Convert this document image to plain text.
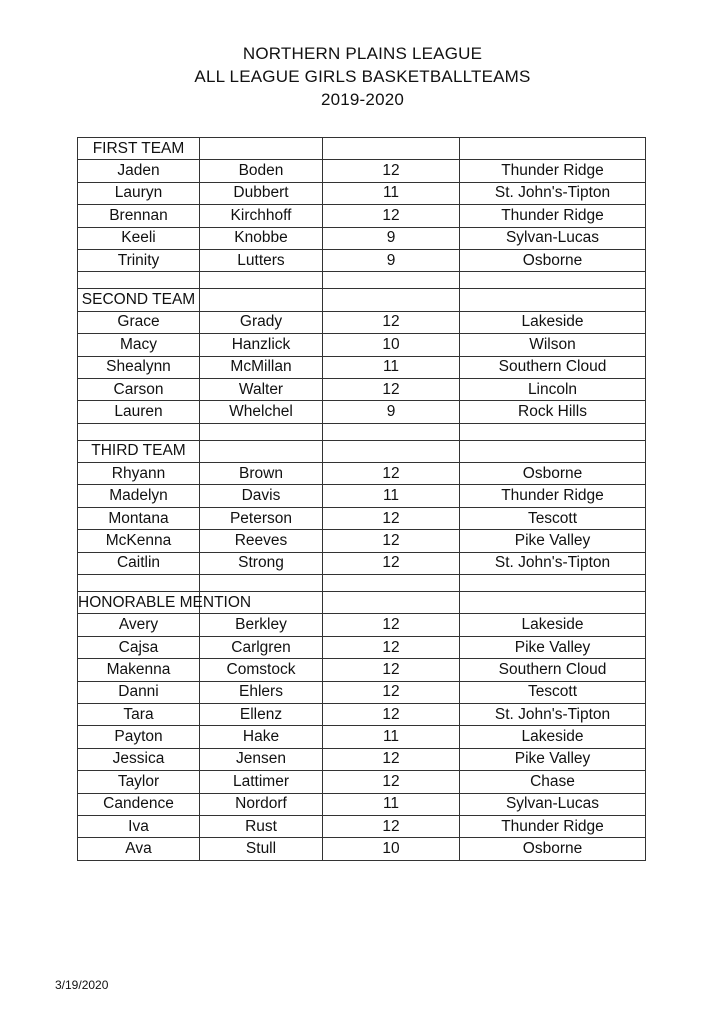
NORTHERN PLAINS LEAGUE
ALL LEAGUE GIRLS BASKETBALLTEAMS
2019-2020
FIRST TEAM			
Jaden	Boden	12	Thunder Ridge
Lauryn	Dubbert	11	St. John's-Tipton
Brennan	Kirchhoff	12	Thunder Ridge
Keeli	Knobbe	9	Sylvan-Lucas
Trinity	Lutters	9	Osborne

SECOND TEAM			
Grace	Grady	12	Lakeside
Macy	Hanzlick	10	Wilson
Shealynn	McMillan	11	Southern Cloud
Carson	Walter	12	Lincoln
Lauren	Whelchel	9	Rock Hills

THIRD TEAM			
Rhyann	Brown	12	Osborne
Madelyn	Davis	11	Thunder Ridge
Montana	Peterson	12	Tescott
McKenna	Reeves	12	Pike Valley
Caitlin	Strong	12	St. John's-Tipton

HONORABLE MENTION			
Avery	Berkley	12	Lakeside
Cajsa	Carlgren	12	Pike Valley
Makenna	Comstock	12	Southern Cloud
Danni	Ehlers	12	Tescott
Tara	Ellenz	12	St. John's-Tipton
Payton	Hake	11	Lakeside
Jessica	Jensen	12	Pike Valley
Taylor	Lattimer	12	Chase
Candence	Nordorf	11	Sylvan-Lucas
Iva	Rust	12	Thunder Ridge
Ava	Stull	10	Osborne
3/19/2020
